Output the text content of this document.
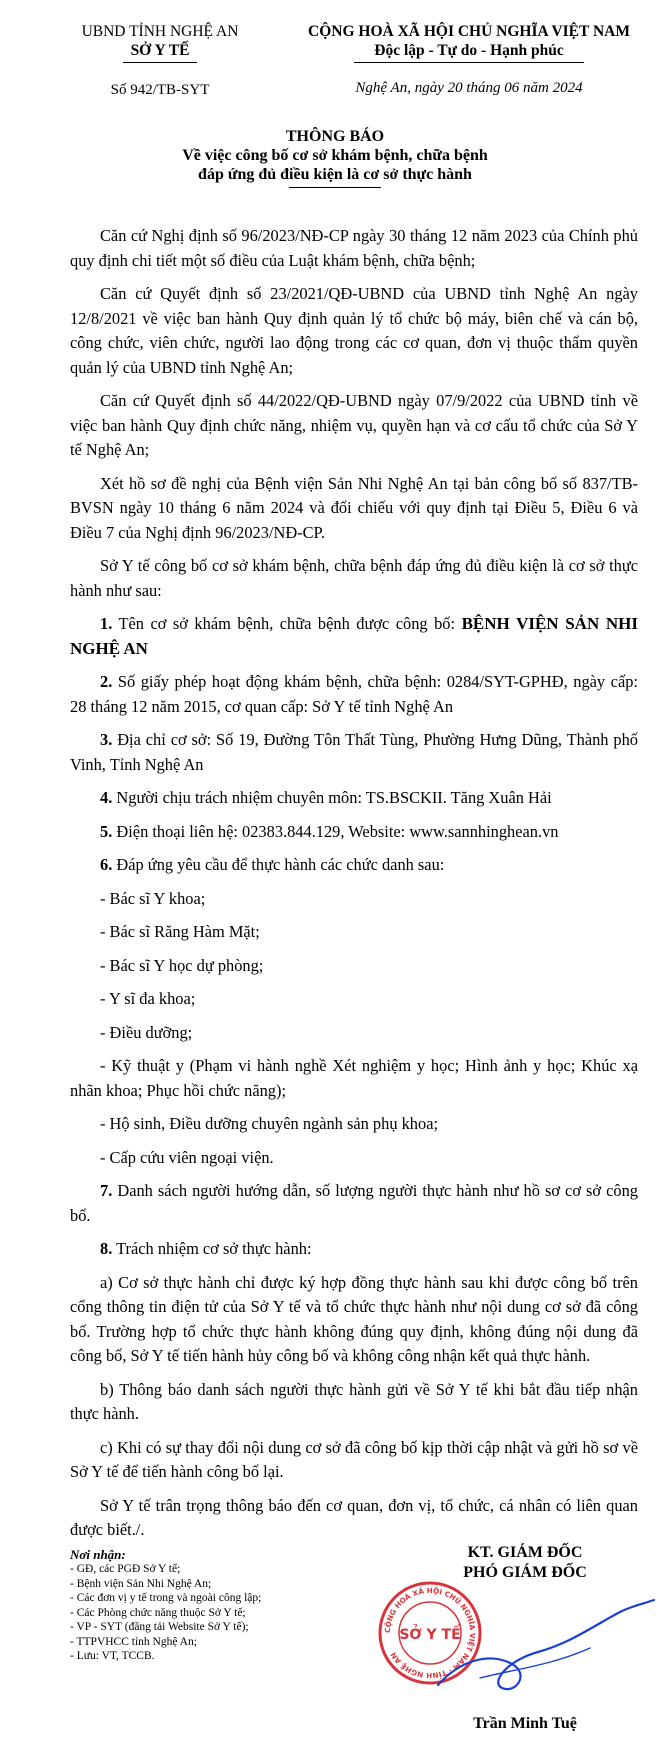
UBND TỈNH NGHỆ AN
SỞ Y TẾ
Số 942/TB-SYT
CỘNG HOÀ XÃ HỘI CHỦ NGHĨA VIỆT NAM
Độc lập - Tự do - Hạnh phúc
Nghệ An, ngày 20 tháng 06 năm 2024
THÔNG BÁO
Về việc công bố cơ sở khám bệnh, chữa bệnh
đáp ứng đủ điều kiện là cơ sở thực hành

Căn cứ Nghị định số 96/2023/NĐ-CP ngày 30 tháng 12 năm 2023 của Chính phủ quy định chi tiết một số điều của Luật khám bệnh, chữa bệnh;

Căn cứ Quyết định số 23/2021/QĐ-UBND của UBND tỉnh Nghệ An ngày 12/8/2021 về việc ban hành Quy định quản lý tổ chức bộ máy, biên chế và cán bộ, công chức, viên chức, người lao động trong các cơ quan, đơn vị thuộc thẩm quyền quản lý của UBND tỉnh Nghệ An;

Căn cứ Quyết định số 44/2022/QĐ-UBND ngày 07/9/2022 của UBND tỉnh về việc ban hành Quy định chức năng, nhiệm vụ, quyền hạn và cơ cấu tổ chức của Sở Y tế Nghệ An;

Xét hồ sơ đề nghị của Bệnh viện Sản Nhi Nghệ An tại bản công bố số 837/TB-BVSN ngày 10 tháng 6 năm 2024 và đối chiếu với quy định tại Điều 5, Điều 6 và Điều 7 của Nghị định 96/2023/NĐ-CP.

Sở Y tế công bố cơ sở khám bệnh, chữa bệnh đáp ứng đủ điều kiện là cơ sở thực hành như sau:

1. Tên cơ sở khám bệnh, chữa bệnh được công bố: BỆNH VIỆN SẢN NHI NGHỆ AN

2. Số giấy phép hoạt động khám bệnh, chữa bệnh: 0284/SYT-GPHĐ, ngày cấp: 28 tháng 12 năm 2015, cơ quan cấp: Sở Y tế tỉnh Nghệ An

3. Địa chỉ cơ sở: Số 19, Đường Tôn Thất Tùng, Phường Hưng Dũng, Thành phố Vinh, Tỉnh Nghệ An

4. Người chịu trách nhiệm chuyên môn: TS.BSCKII. Tăng Xuân Hải

5. Điện thoại liên hệ: 02383.844.129, Website: www.sannhinghean.vn

6. Đáp ứng yêu cầu để thực hành các chức danh sau:

- Bác sĩ Y khoa;

- Bác sĩ Răng Hàm Mặt;

- Bác sĩ Y học dự phòng;

- Y sĩ đa khoa;

- Điều dưỡng;

- Kỹ thuật y (Phạm vi hành nghề Xét nghiệm y học; Hình ảnh y học; Khúc xạ nhãn khoa; Phục hồi chức năng);

- Hộ sinh, Điều dưỡng chuyên ngành sản phụ khoa;

- Cấp cứu viên ngoại viện.

7. Danh sách người hướng dẫn, số lượng người thực hành như hồ sơ cơ sở công bố.

8. Trách nhiệm cơ sở thực hành:

a) Cơ sở thực hành chỉ được ký hợp đồng thực hành sau khi được công bố trên cổng thông tin điện tử của Sở Y tế và tổ chức thực hành như nội dung cơ sở đã công bố. Trường hợp tổ chức thực hành không đúng quy định, không đúng nội dung đã công bố, Sở Y tế tiến hành hủy công bố và không công nhận kết quả thực hành.

b) Thông báo danh sách người thực hành gửi về Sở Y tế khi bắt đầu tiếp nhận thực hành.

c) Khi có sự thay đổi nội dung cơ sở đã công bố kịp thời cập nhật và gửi hồ sơ về Sở Y tế để tiến hành công bố lại.

Sở Y tế trân trọng thông báo đến cơ quan, đơn vị, tổ chức, cá nhân có liên quan được biết./.

Nơi nhận:
- GĐ, các PGĐ Sở Y tế;
- Bệnh viện Sản Nhi Nghệ An;
- Các đơn vị y tế trong và ngoài công lập;
- Các Phòng chức năng thuộc Sở Y tế;
- VP - SYT (đăng tải Website Sở Y tế);
- TTPVHCC tỉnh Nghệ An;
- Lưu: VT, TCCB.
KT. GIÁM ĐỐC
PHÓ GIÁM ĐỐC
CỘNG HOÀ XÃ HỘI CHỦ NGHĨA VIỆT NAM · TỈNH NGHỆ AN
SỞ Y TẾ
Trần Minh Tuệ
